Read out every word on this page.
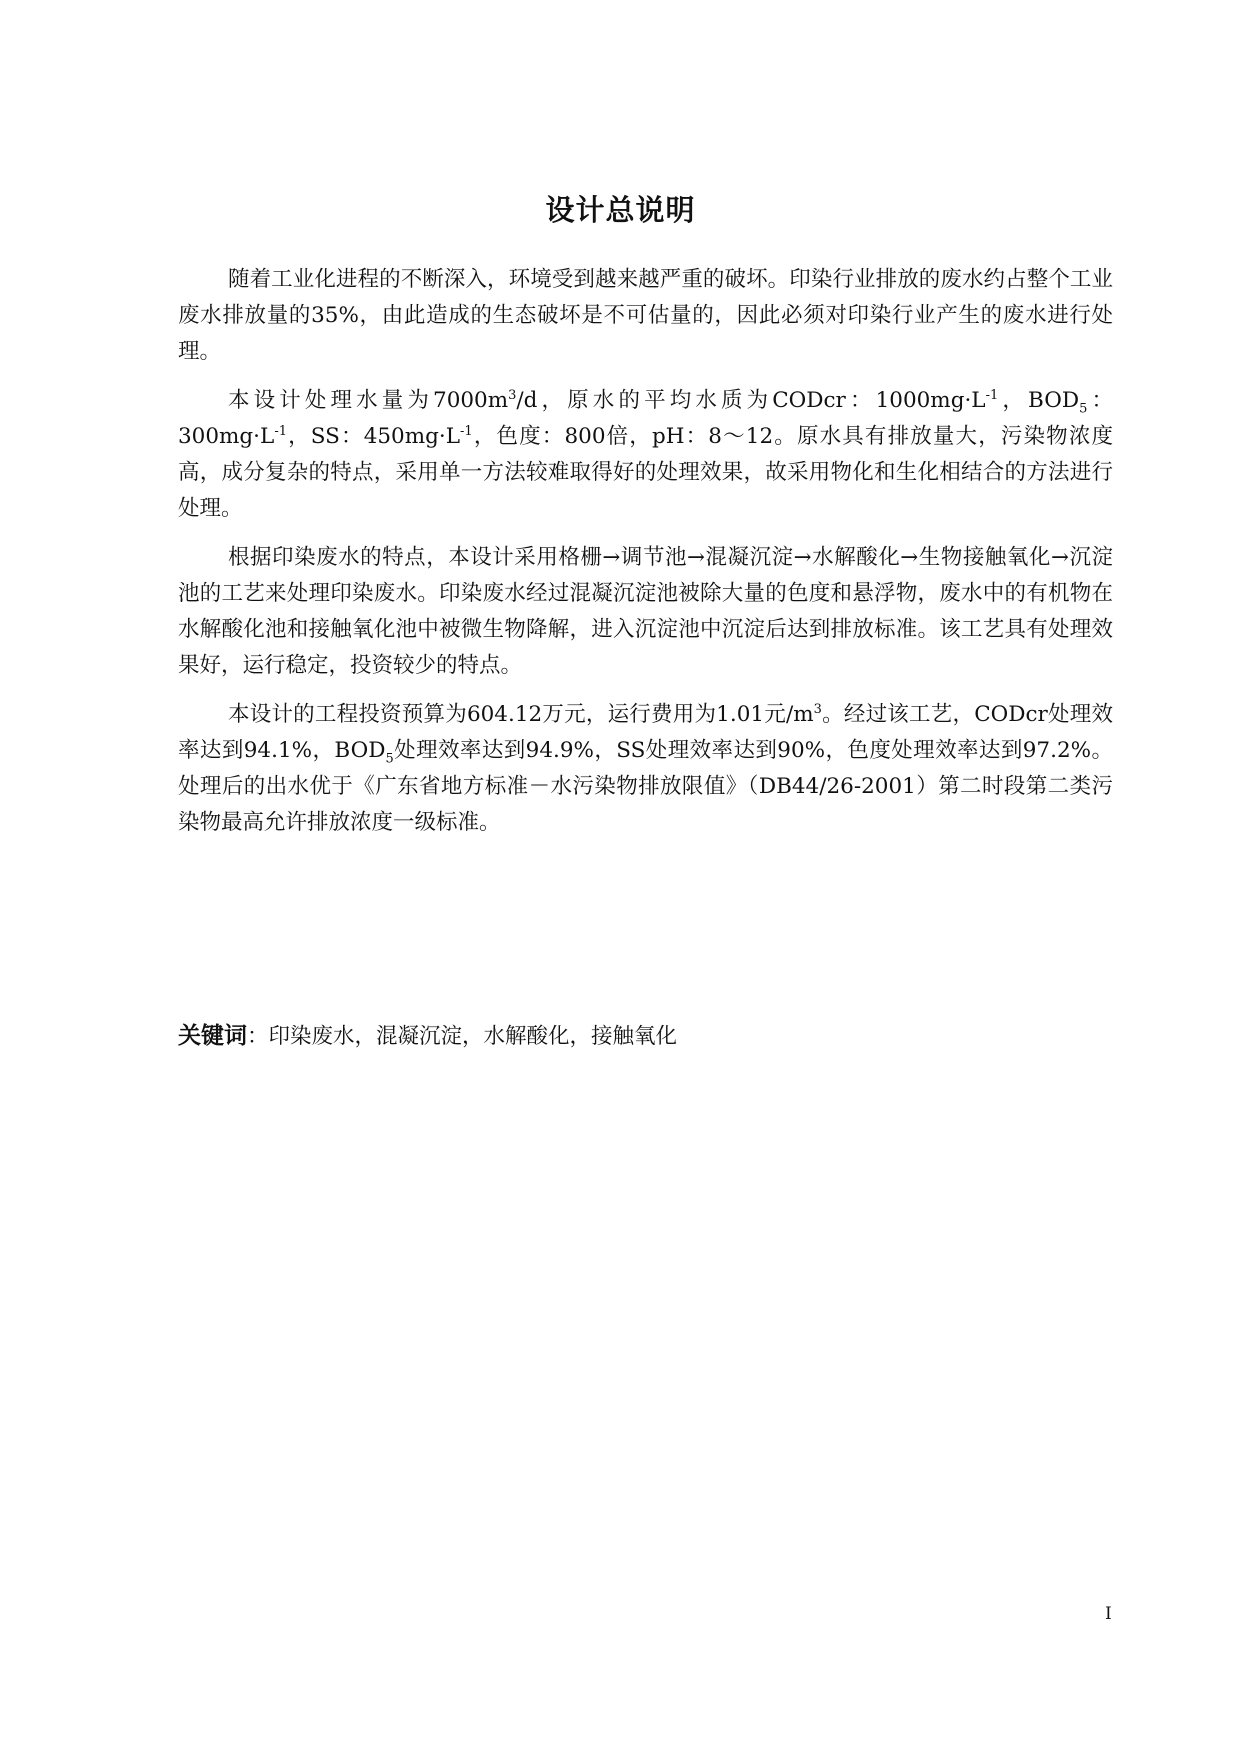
设计总说明

随着工业化进程的不断深入，环境受到越来越严重的破坏。印染行业排放的废水约占整个工业废水排放量的35%，由此造成的生态破坏是不可估量的，因此必须对印染行业产生的废水进行处理。

本设计处理水量为$7000m^3/d$，原水的平均水质为CODcr：$1000mg\cdot L^{-1}$，$BOD_5$：$300mg\cdot L^{-1}$，SS：$450mg\cdot L^{-1}$，色度：800倍，pH：8～12。原水具有排放量大，污染物浓度高，成分复杂的特点，采用单一方法较难取得好的处理效果，故采用物化和生化相结合的方法进行处理。

根据印染废水的特点，本设计采用格栅→调节池→混凝沉淀→水解酸化→生物接触氧化→沉淀池的工艺来处理印染废水。印染废水经过混凝沉淀池被除大量的色度和悬浮物，废水中的有机物在水解酸化池和接触氧化池中被微生物降解，进入沉淀池中沉淀后达到排放标准。该工艺具有处理效果好，运行稳定，投资较少的特点。

本设计的工程投资预算为604.12万元，运行费用为1.01元$/m^3$。经过该工艺，CODcr处理效率达到94.1%，$BOD_5$处理效率达到94.9%，SS处理效率达到90%，色度处理效率达到97.2%。处理后的出水优于《广东省地方标准－水污染物排放限值》（DB44/26-2001）第二时段第二类污染物最高允许排放浓度一级标准。

关键词：印染废水，混凝沉淀，水解酸化，接触氧化
I
